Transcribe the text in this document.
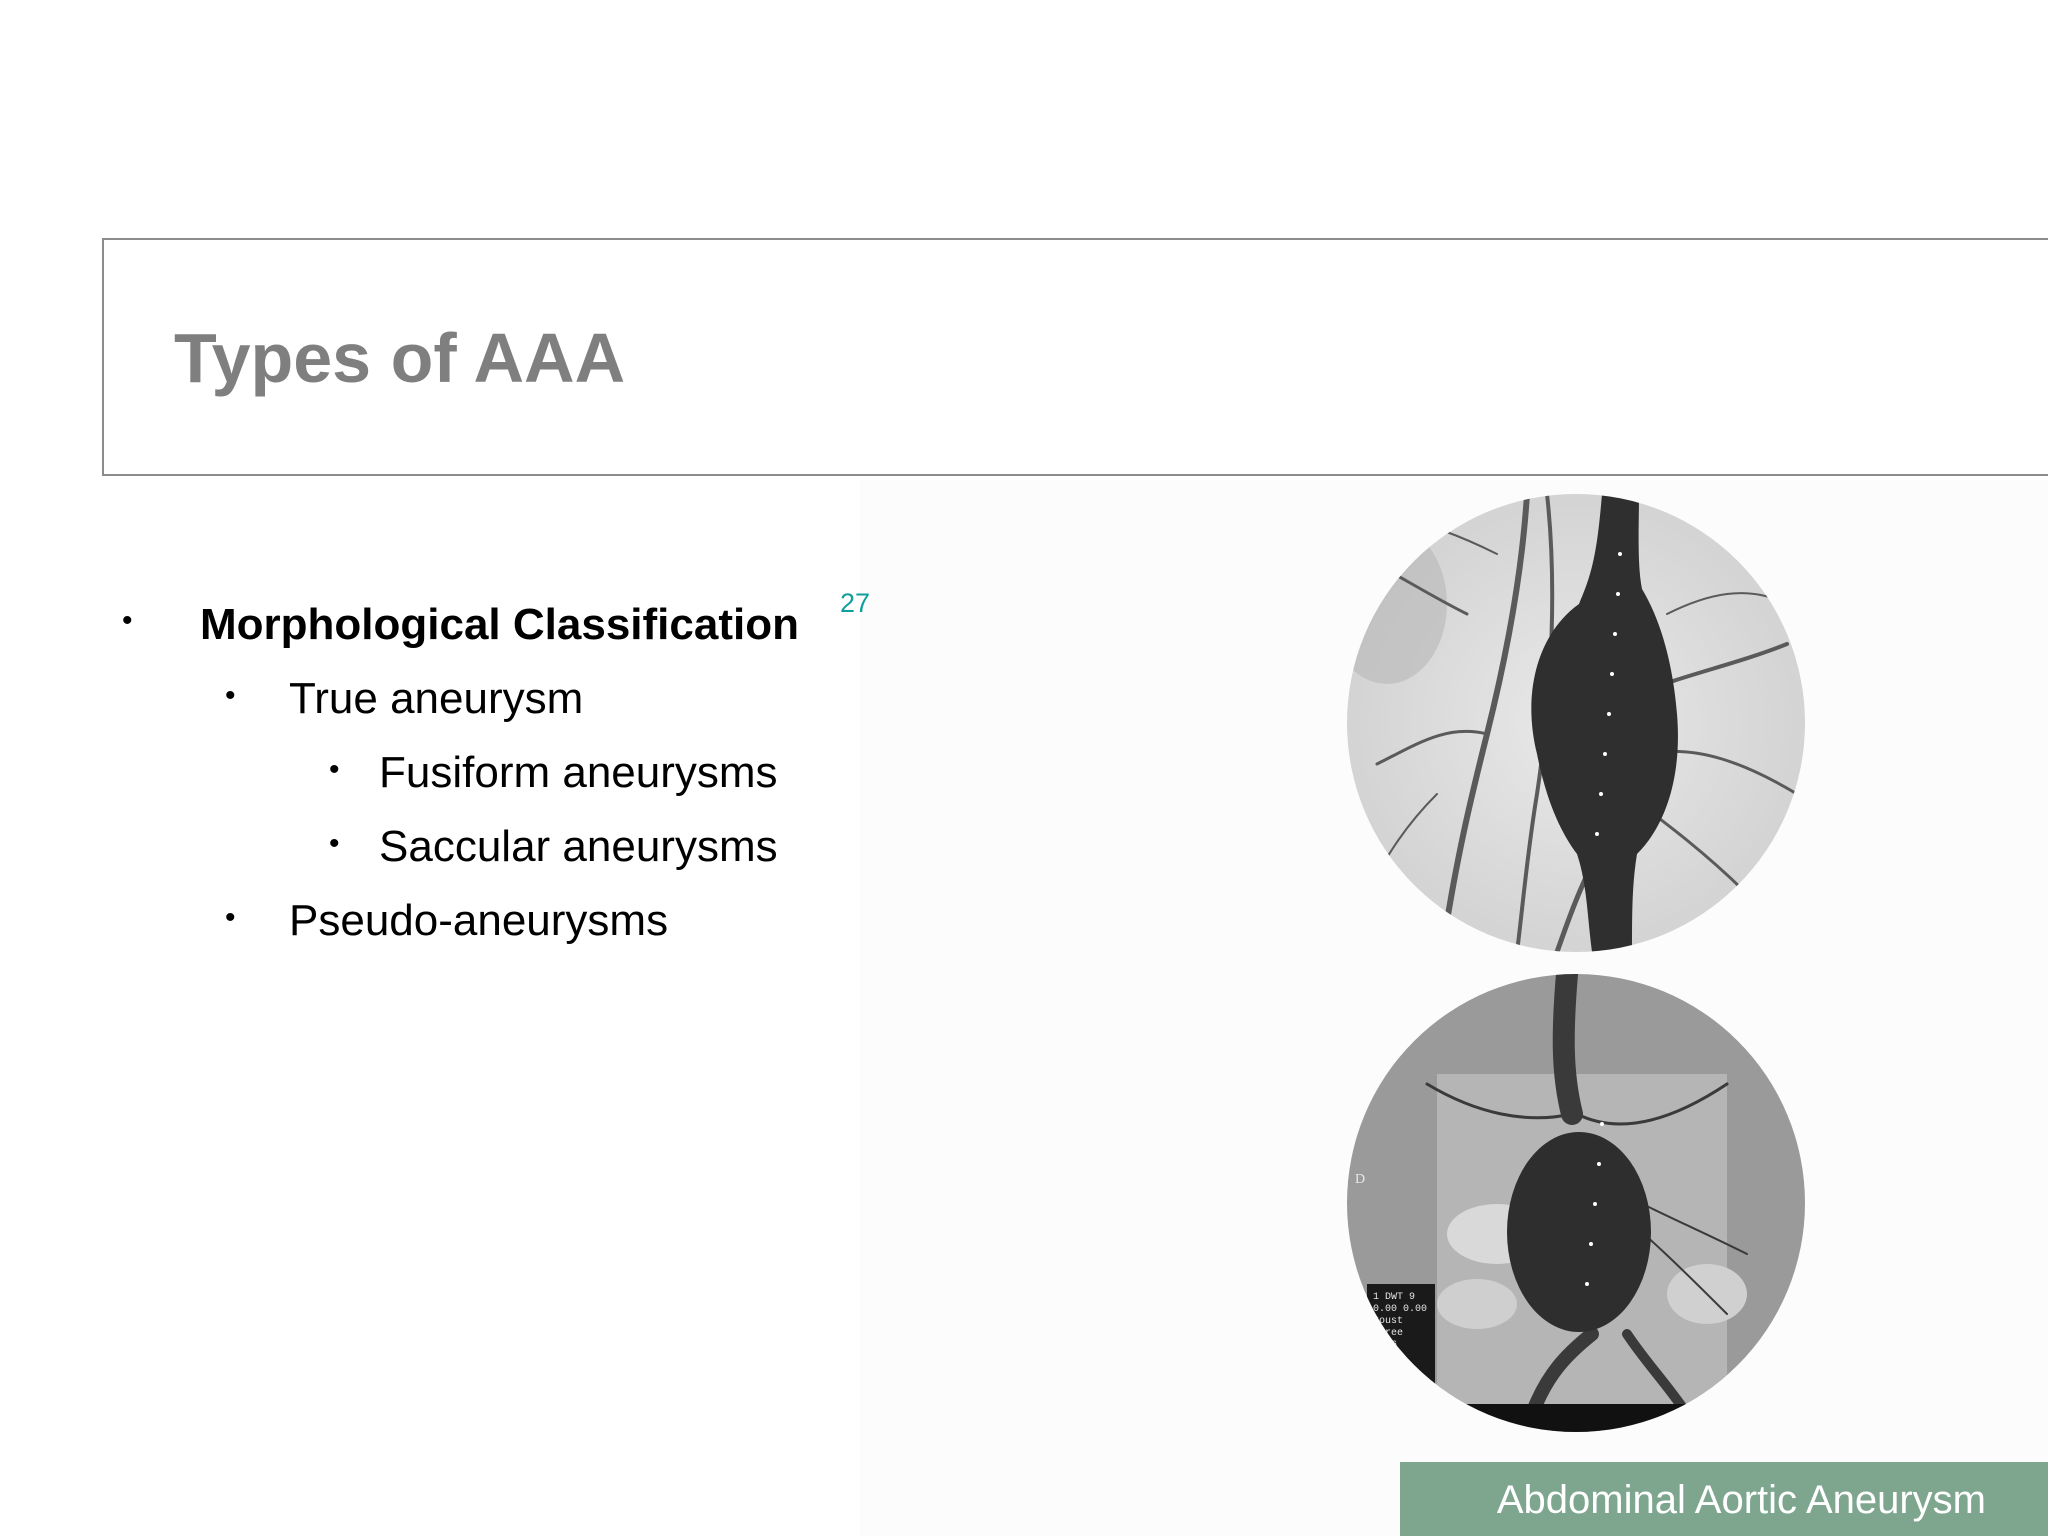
Types of AAA
• Morphological Classification
• True aneurysm
• Fusiform aneurysms
• Saccular aneurysms
• Pseudo-aneurysms
27
1 DWT 9
0.00 0.00
Soust
ltree
1.36
D
Abdominal Aortic Aneurysm
